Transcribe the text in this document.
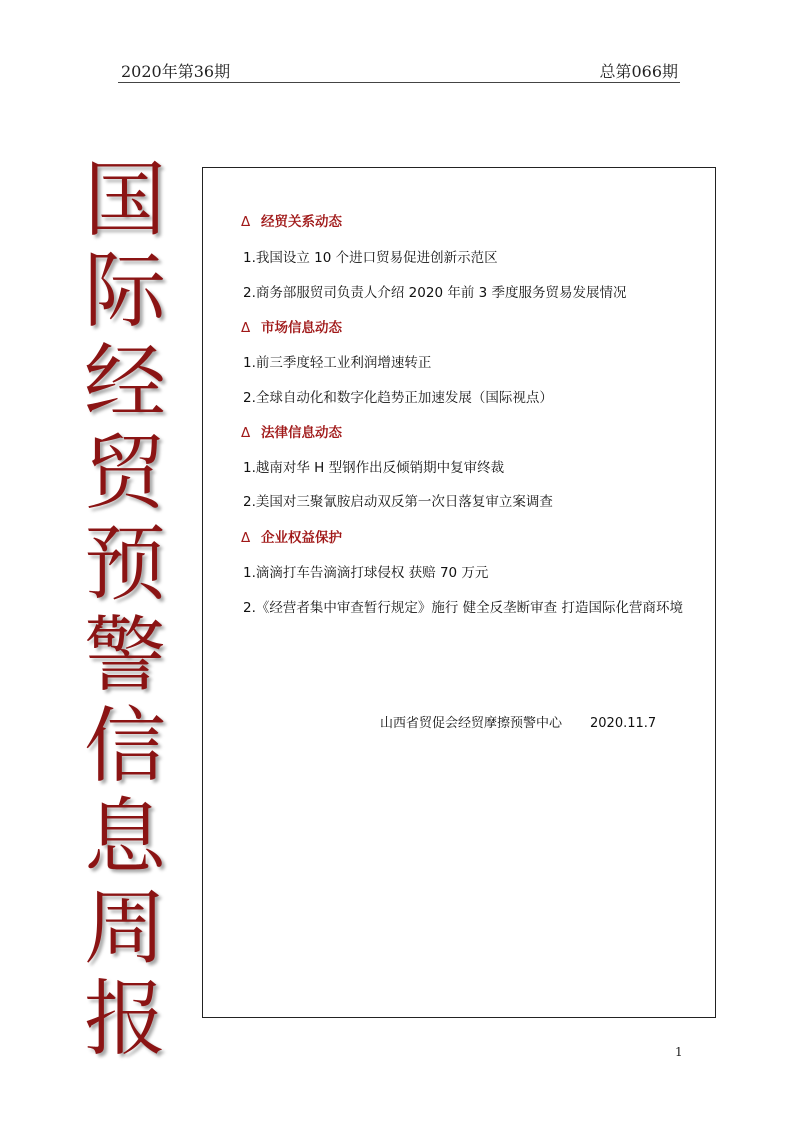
2020年第36期	总第066期
国
际
经
贸
预
警
信
息
周
报
Δ 经贸关系动态
1.我国设立 10 个进口贸易促进创新示范区
2.商务部服贸司负责人介绍 2020 年前 3 季度服务贸易发展情况
Δ 市场信息动态
1.前三季度轻工业利润增速转正
2.全球自动化和数字化趋势正加速发展（国际视点）
Δ 法律信息动态
1.越南对华 H 型钢作出反倾销期中复审终裁
2.美国对三聚氰胺启动双反第一次日落复审立案调查
Δ 企业权益保护
1.滴滴打车告滴滴打球侵权 获赔 70 万元
2.《经营者集中审查暂行规定》施行 健全反垄断审查 打造国际化营商环境
山西省贸促会经贸摩擦预警中心 2020.11.7
1
